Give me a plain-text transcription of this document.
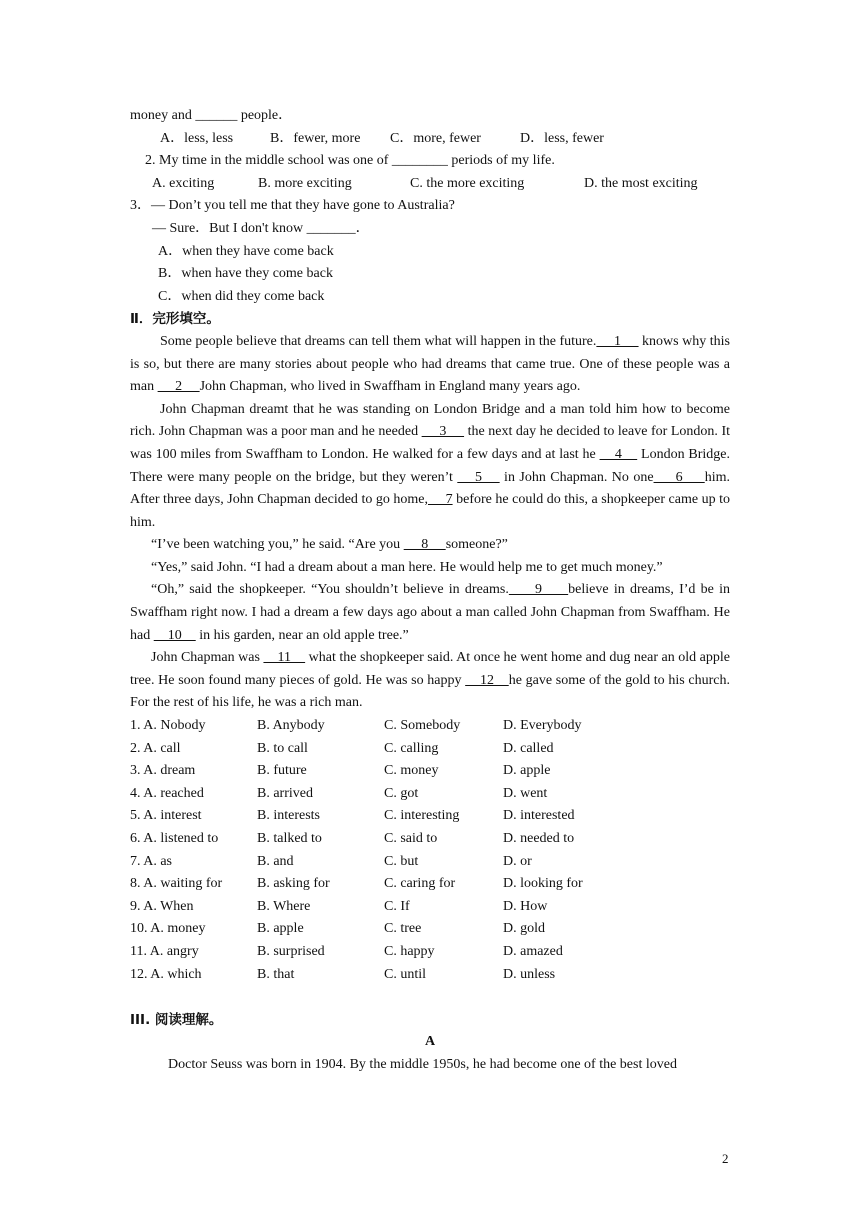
money and ______ people．
A．less, less	B．fewer, more C．more, fewer	D．less, fewer
2. My time in the middle school was one of ________ periods of my life.
A. exciting	B. more exciting	C. the more exciting	D. the most exciting
3．— Don’t you tell me that they have gone to Australia?
— Sure．But I don't know _______．
A．when they have come back
B．when have they come back
C．when did they come back
Ⅱ．完形填空。
Some people believe that dreams can tell them what will happen in the future.     1      knows why this is so, but there are many stories about people who had dreams that came true. One of these people was a man      2     John Chapman, who lived in Swaffham in England many years ago.
John Chapman dreamt that he was standing on London Bridge and a man told him how to become rich. John Chapman was a poor man and he needed      3      the next day he decided to leave for London. It was 100 miles from Swaffham to London. He walked for a few days and at last he     4     London Bridge. There were many people on the bridge, but they weren’t     5     in John Chapman. No one     6     him. After three days, John Chapman decided to go home,     7 before he could do this, a shopkeeper came up to him.
“I’ve been watching you,” he said. “Are you      8     someone?”
“Yes,” said John. “I had a dream about a man here. He would help me to get much money.”
“Oh,” said the shopkeeper. “You shouldn’t believe in dreams.     9     believe in dreams, I’d be in Swaffham right now. I had a dream a few days ago about a man called John Chapman from Swaffham. He had     10     in his garden, near an old apple tree.”
John Chapman was     11     what the shopkeeper said. At once he went home and dug near an old apple tree. He soon found many pieces of gold. He was so happy     12    he gave some of the gold to his church. For the rest of his life, he was a rich man.
1. A. Nobody	B. Anybody	C. Somebody	D. Everybody
2. A. call	B. to call	C. calling	D. called
3. A. dream	B. future	C. money	D. apple
4. A. reached	B. arrived	C. got	D. went
5. A. interest	B. interests	C. interesting	D. interested
6. A. listened to	B. talked to	C. said to	D. needed to
7. A. as	B. and	C. but	D. or
8. A. waiting for	B. asking for	C. caring for	D. looking for
9. A. When	B. Where	C. If	D. How
10. A. money	B. apple	C. tree	D. gold
11. A. angry	B. surprised	C. happy	D. amazed
12. A. which	B. that	C. until	D. unless
III. 阅读理解。
A
Doctor Seuss was born in 1904. By the middle 1950s, he had become one of the best loved
2
